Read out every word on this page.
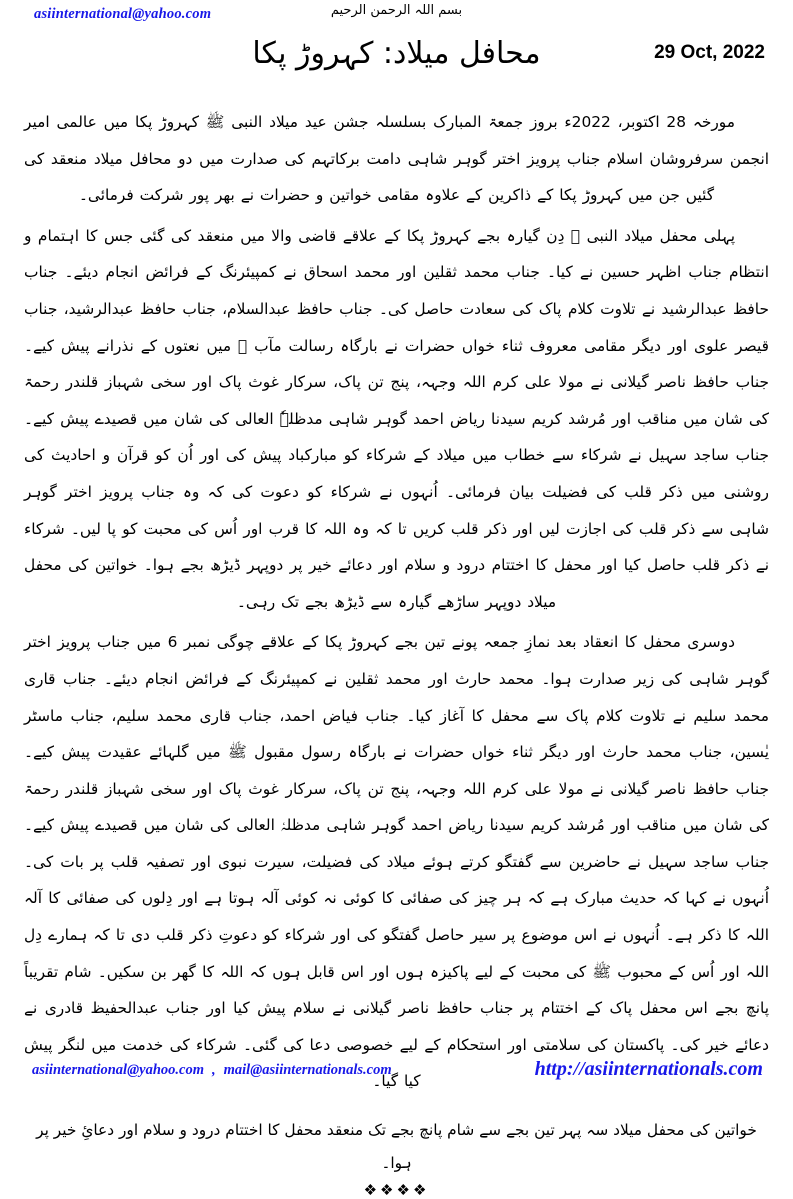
asiinternational@yahoo.com	بسم اللہ الرحمن الرحیم
محافل میلاد: کہروڑ پکا	29 Oct, 2022

مورخہ 28 اکتوبر، 2022ء بروز جمعۃ المبارک بسلسلہ جشن عید میلاد النبی ﷺ کہروڑ پکا میں عالمی امیر انجمن سرفروشان اسلام جناب پرویز اختر گوہر شاہی دامت برکاتہم کی صدارت میں دو محافل میلاد منعقد کی گئیں جن میں کہروڑ پکا کے ذاکرین کے علاوہ مقامی خواتین و حضرات نے بھر پور شرکت فرمائی۔

پہلی محفل میلاد النبی ﷺ دِن گیارہ بجے کہروڑ پکا کے علاقے قاضی والا میں منعقد کی گئی جس کا اہتمام و انتظام جناب اظہر حسین نے کیا۔ جناب محمد ثقلین اور محمد اسحاق نے کمپیئرنگ کے فرائض انجام دیئے۔ جناب حافظ عبدالرشید نے تلاوت کلام پاک کی سعادت حاصل کی۔ جناب حافظ عبدالسلام، جناب حافظ عبدالرشید، جناب قیصر علوی اور دیگر مقامی معروف ثناء خواں حضرات نے بارگاہ رسالت مآب ﷺ میں نعتوں کے نذرانے پیش کیے۔ جناب حافظ ناصر گیلانی نے مولا علی کرم اللہ وجہہ، پنج تن پاک، سرکار غوث پاک اور سخی شہباز قلندر رحمۃ کی شان میں مناقب اور مُرشد کریم سیدنا ریاض احمد گوہر شاہی مدظلہٗ العالی کی شان میں قصیدے پیش کیے۔ جناب ساجد سہیل نے شرکاء سے خطاب میں میلاد کے شرکاء کو مبارکباد پیش کی اور اُن کو قرآن و احادیث کی روشنی میں ذکر قلب کی فضیلت بیان فرمائی۔ اُنہوں نے شرکاء کو دعوت کی کہ وہ جناب پرویز اختر گوہر شاہی سے ذکر قلب کی اجازت لیں اور ذکر قلب کریں تا کہ وہ اللہ کا قرب اور اُس کی محبت کو پا لیں۔ شرکاء نے ذکر قلب حاصل کیا اور محفل کا اختتام درود و سلام اور دعائے خیر پر دوپہر ڈیڑھ بجے ہوا۔ خواتین کی محفل میلاد دوپہر ساڑھے گیارہ سے ڈیڑھ بجے تک رہی۔

دوسری محفل کا انعقاد بعد نمازِ جمعہ پونے تین بجے کہروڑ پکا کے علاقے چوگی نمبر 6 میں جناب پرویز اختر گوہر شاہی کی زیر صدارت ہوا۔ محمد حارث اور محمد ثقلین نے کمپیئرنگ کے فرائض انجام دیئے۔ جناب قاری محمد سلیم نے تلاوت کلام پاک سے محفل کا آغاز کیا۔ جناب فیاض احمد، جناب قاری محمد سلیم، جناب ماسٹر یٰسین، جناب محمد حارث اور دیگر ثناء خواں حضرات نے بارگاہ رسول مقبول ﷺ میں گلہائے عقیدت پیش کیے۔ جناب حافظ ناصر گیلانی نے مولا علی کرم اللہ وجہہ، پنج تن پاک، سرکار غوث پاک اور سخی شہباز قلندر رحمۃ کی شان میں مناقب اور مُرشد کریم سیدنا ریاض احمد گوہر شاہی مدظلہٗ العالی کی شان میں قصیدے پیش کیے۔ جناب ساجد سہیل نے حاضرین سے گفتگو کرتے ہوئے میلاد کی فضیلت، سیرت نبوی اور تصفیہ قلب پر بات کی۔ اُنہوں نے کہا کہ حدیث مبارک ہے کہ ہر چیز کی صفائی کا کوئی نہ کوئی آلہ ہوتا ہے اور دِلوں کی صفائی کا آلہ اللہ کا ذکر ہے۔ اُنہوں نے اس موضوع پر سیر حاصل گفتگو کی اور شرکاء کو دعوتِ ذکر قلب دی تا کہ ہمارے دِل اللہ اور اُس کے محبوب ﷺ کی محبت کے لیے پاکیزہ ہوں اور اس قابل ہوں کہ اللہ کا گھر بن سکیں۔ شام تقریباً پانچ بجے اس محفل پاک کے اختتام پر جناب حافظ ناصر گیلانی نے سلام پیش کیا اور جناب عبدالحفیظ قادری نے دعائے خیر کی۔ پاکستان کی سلامتی اور استحکام کے لیے خصوصی دعا کی گئی۔ شرکاء کی خدمت میں لنگر پیش کیا گیا۔

خواتین کی محفل میلاد سہ پہر تین بجے سے شام پانچ بجے تک منعقد محفل کا اختتام درود و سلام اور دعائِ خیر پر ہوا۔

❖❖❖❖
asiinternational@yahoo.com , mail@asiinternationals.com	http://asiinternationals.com
